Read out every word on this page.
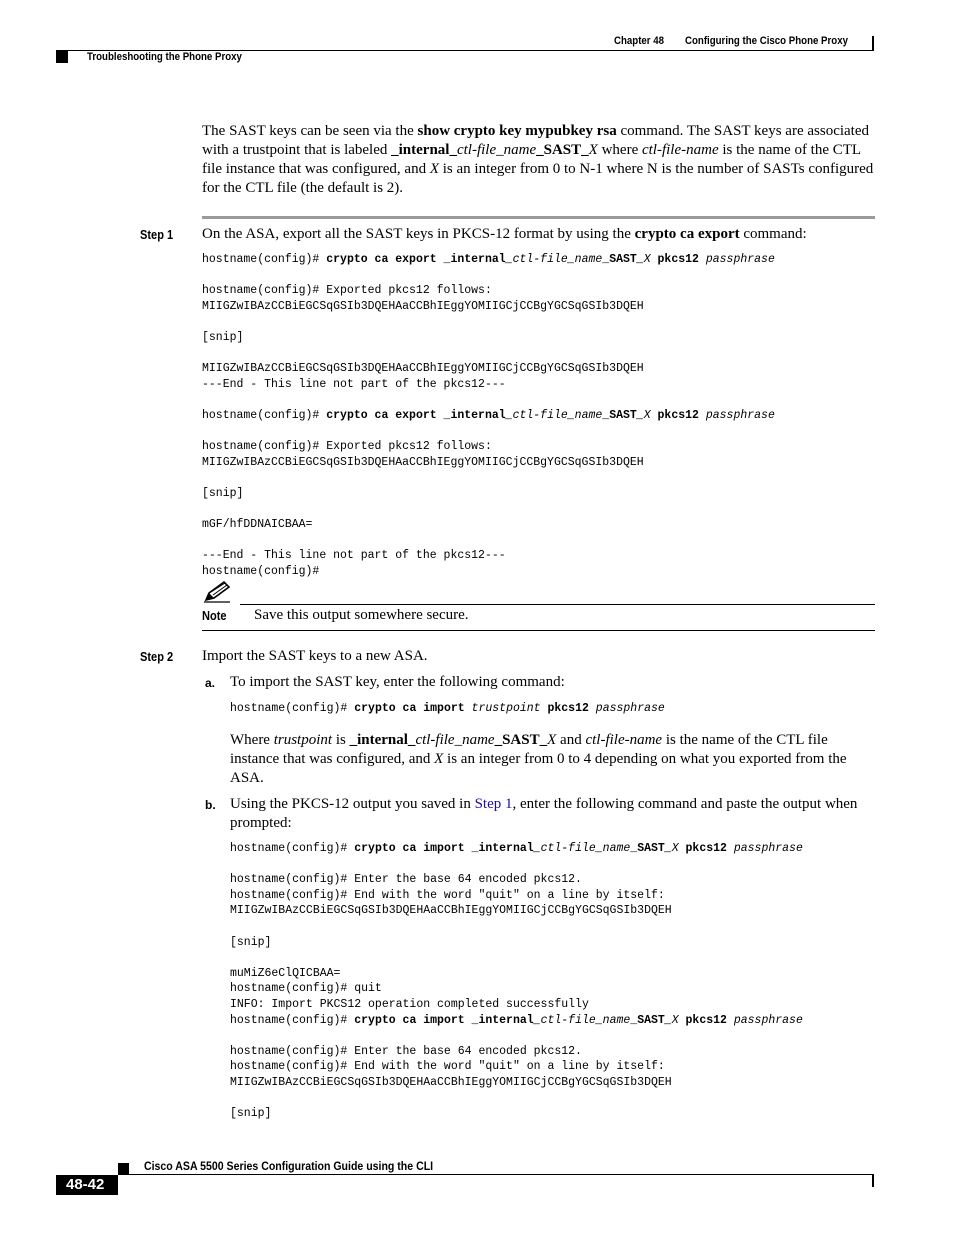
Chapter 48 Configuring the Cisco Phone Proxy
Troubleshooting the Phone Proxy
The SAST keys can be seen via the show crypto key mypubkey rsa command. The SAST keys are associated with a trustpoint that is labeled _internal_ctl-file_name_SAST_X where ctl-file-name is the name of the CTL file instance that was configured, and X is an integer from 0 to N-1 where N is the number of SASTs configured for the CTL file (the default is 2).
Step 1 On the ASA, export all the SAST keys in PKCS-12 format by using the crypto ca export command:
hostname(config)# crypto ca export _internal_ctl-file_name_SAST_X pkcs12 passphrase

hostname(config)# Exported pkcs12 follows:
MIIGZwIBAzCCBiEGCSqGSIb3DQEHAaCCBhIEggYOMIIGCjCCBgYGCSqGSIb3DQEH

[snip]

MIIGZwIBAzCCBiEGCSqGSIb3DQEHAaCCBhIEggYOMIIGCjCCBgYGCSqGSIb3DQEH
---End - This line not part of the pkcs12---

hostname(config)# crypto ca export _internal_ctl-file_name_SAST_X pkcs12 passphrase

hostname(config)# Exported pkcs12 follows:
MIIGZwIBAzCCBiEGCSqGSIb3DQEHAaCCBhIEggYOMIIGCjCCBgYGCSqGSIb3DQEH

[snip]

mGF/hfDDNAICBAA=

---End - This line not part of the pkcs12---
hostname(config)#
Note Save this output somewhere secure.
Step 2 Import the SAST keys to a new ASA.
a. To import the SAST key, enter the following command:
hostname(config)# crypto ca import trustpoint pkcs12 passphrase
Where trustpoint is _internal_ctl-file_name_SAST_X and ctl-file-name is the name of the CTL file instance that was configured, and X is an integer from 0 to 4 depending on what you exported from the ASA.
b. Using the PKCS-12 output you saved in Step 1, enter the following command and paste the output when prompted:
hostname(config)# crypto ca import _internal_ctl-file_name_SAST_X pkcs12 passphrase

hostname(config)# Enter the base 64 encoded pkcs12.
hostname(config)# End with the word "quit" on a line by itself:
MIIGZwIBAzCCBiEGCSqGSIb3DQEHAaCCBhIEggYOMIIGCjCCBgYGCSqGSIb3DQEH

[snip]

muMiZ6eClQICBAA=
hostname(config)# quit
INFO: Import PKCS12 operation completed successfully
hostname(config)# crypto ca import _internal_ctl-file_name_SAST_X pkcs12 passphrase

hostname(config)# Enter the base 64 encoded pkcs12.
hostname(config)# End with the word "quit" on a line by itself:
MIIGZwIBAzCCBiEGCSqGSIb3DQEHAaCCBhIEggYOMIIGCjCCBgYGCSqGSIb3DQEH

[snip]
Cisco ASA 5500 Series Configuration Guide using the CLI
48-42
